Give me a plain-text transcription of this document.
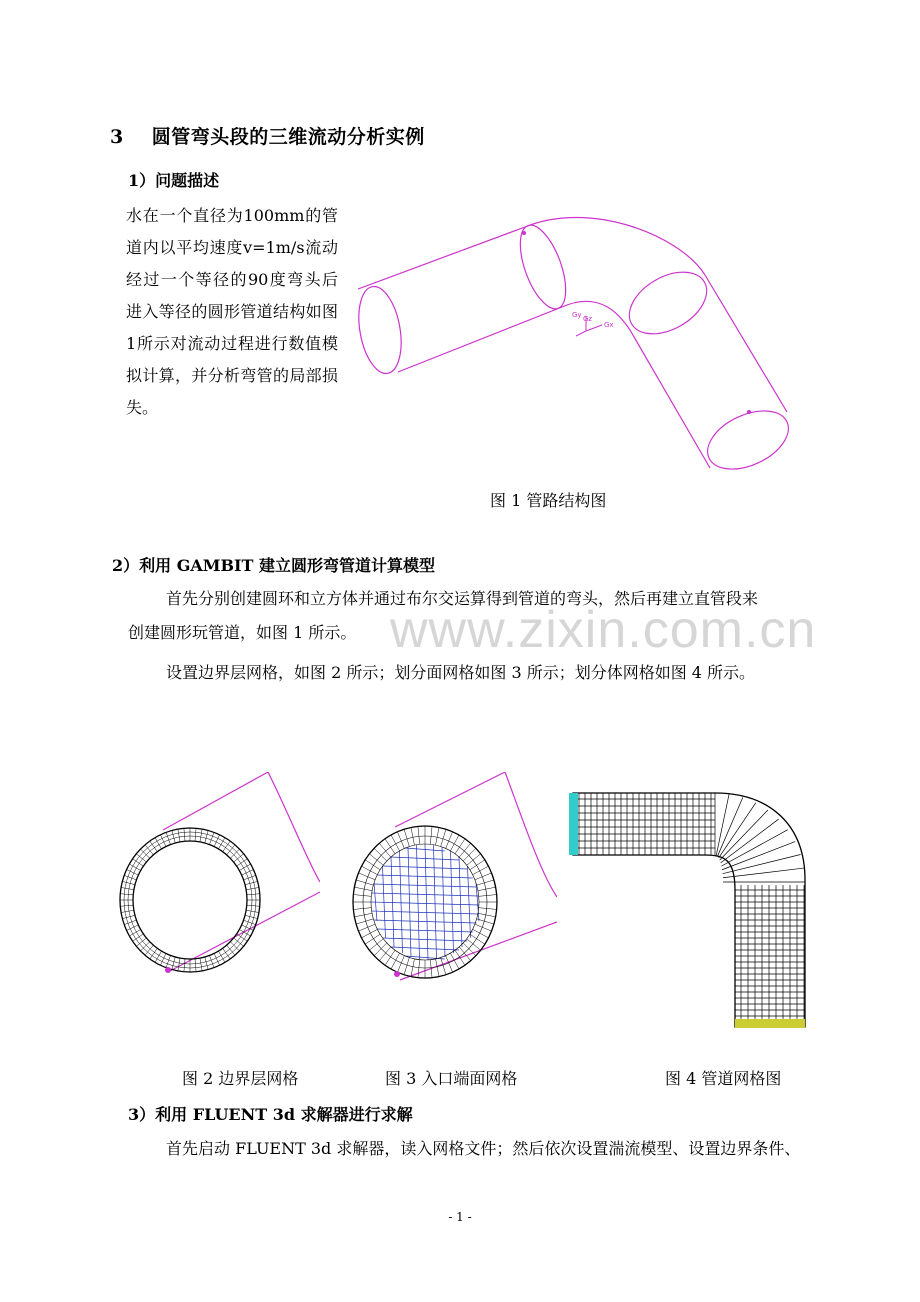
www.zixin.com.cn
3 圆管弯头段的三维流动分析实例
1）问题描述
水在一个直径为100mm的管道内以平均速度v=1m/s流动经过一个等径的90度弯头后进入等径的圆形管道结构如图1所示对流动过程进行数值模拟计算，并分析弯管的局部损失。
Gy Gz
Gx
图 1 管路结构图
2）利用 GAMBIT 建立圆形弯管道计算模型
首先分别创建圆环和立方体并通过布尔交运算得到管道的弯头，然后再建立直管段来
创建圆形玩管道，如图 1 所示。
设置边界层网格，如图 2 所示；划分面网格如图 3 所示；划分体网格如图 4 所示。
图 2 边界层网格	图 3 入口端面网格	图 4 管道网格图
3）利用 FLUENT 3d 求解器进行求解
首先启动 FLUENT 3d 求解器，读入网格文件；然后依次设置湍流模型、设置边界条件、
- 1 -
